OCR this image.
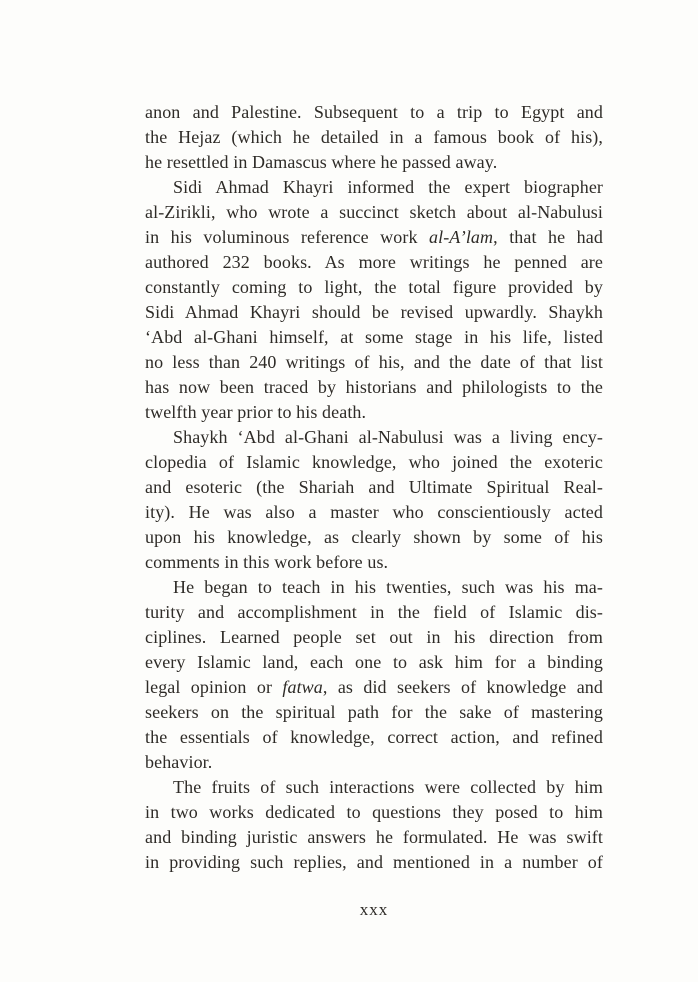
anon and Palestine. Subsequent to a trip to Egypt and
the Hejaz (which he detailed in a famous book of his),
he resettled in Damascus where he passed away.
Sidi Ahmad Khayri informed the expert biographer
al-Zirikli, who wrote a succinct sketch about al-Nabulusi
in his voluminous reference work al-A’lam, that he had
authored 232 books. As more writings he penned are
constantly coming to light, the total figure provided by
Sidi Ahmad Khayri should be revised upwardly. Shaykh
‘Abd al-Ghani himself, at some stage in his life, listed
no less than 240 writings of his, and the date of that list
has now been traced by historians and philologists to the
twelfth year prior to his death.
Shaykh ‘Abd al-Ghani al-Nabulusi was a living ency-
clopedia of Islamic knowledge, who joined the exoteric
and esoteric (the Shariah and Ultimate Spiritual Real-
ity). He was also a master who conscientiously acted
upon his knowledge, as clearly shown by some of his
comments in this work before us.
He began to teach in his twenties, such was his ma-
turity and accomplishment in the field of Islamic dis-
ciplines. Learned people set out in his direction from
every Islamic land, each one to ask him for a binding
legal opinion or fatwa, as did seekers of knowledge and
seekers on the spiritual path for the sake of mastering
the essentials of knowledge, correct action, and refined
behavior.
The fruits of such interactions were collected by him
in two works dedicated to questions they posed to him
and binding juristic answers he formulated. He was swift
in providing such replies, and mentioned in a number of
xxx
